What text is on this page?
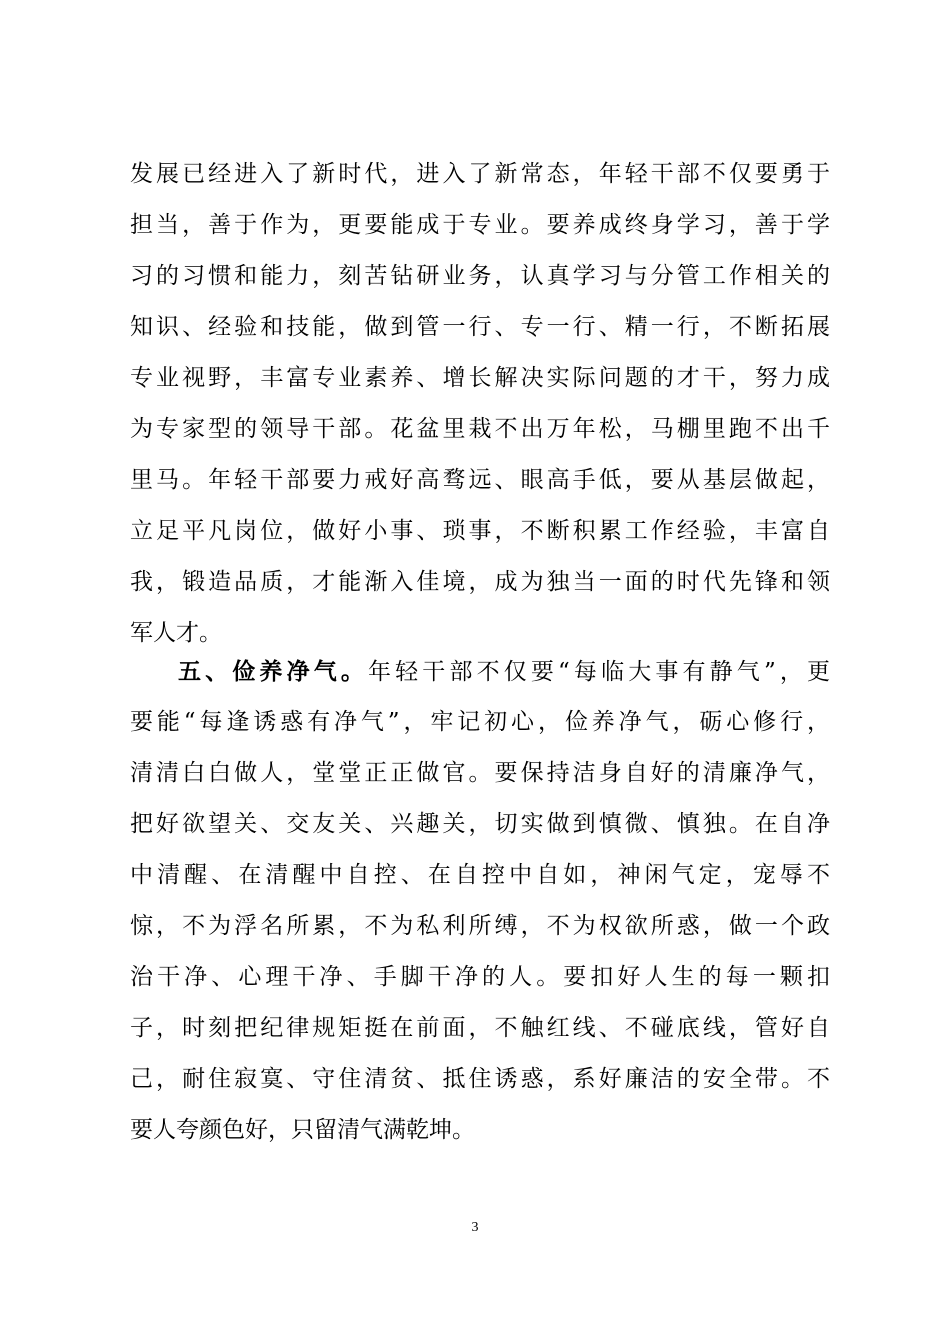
发展已经进入了新时代，进入了新常态，年轻干部不仅要勇于
担当，善于作为，更要能成于专业。要养成终身学习，善于学
习的习惯和能力，刻苦钻研业务，认真学习与分管工作相关的
知识、经验和技能，做到管一行、专一行、精一行，不断拓展
专业视野，丰富专业素养、增长解决实际问题的才干，努力成
为专家型的领导干部。花盆里栽不出万年松，马棚里跑不出千
里马。年轻干部要力戒好高骛远、眼高手低，要从基层做起，
立足平凡岗位，做好小事、琐事，不断积累工作经验，丰富自
我，锻造品质，才能渐入佳境，成为独当一面的时代先锋和领
军人才。
五、俭养净气。年轻干部不仅要“每临大事有静气”，更
要能“每逢诱惑有净气”，牢记初心，俭养净气，砺心修行，
清清白白做人，堂堂正正做官。要保持洁身自好的清廉净气，
把好欲望关、交友关、兴趣关，切实做到慎微、慎独。在自净
中清醒、在清醒中自控、在自控中自如，神闲气定，宠辱不
惊，不为浮名所累，不为私利所缚，不为权欲所惑，做一个政
治干净、心理干净、手脚干净的人。要扣好人生的每一颗扣
子，时刻把纪律规矩挺在前面，不触红线、不碰底线，管好自
己，耐住寂寞、守住清贫、抵住诱惑，系好廉洁的安全带。不
要人夸颜色好，只留清气满乾坤。
3
